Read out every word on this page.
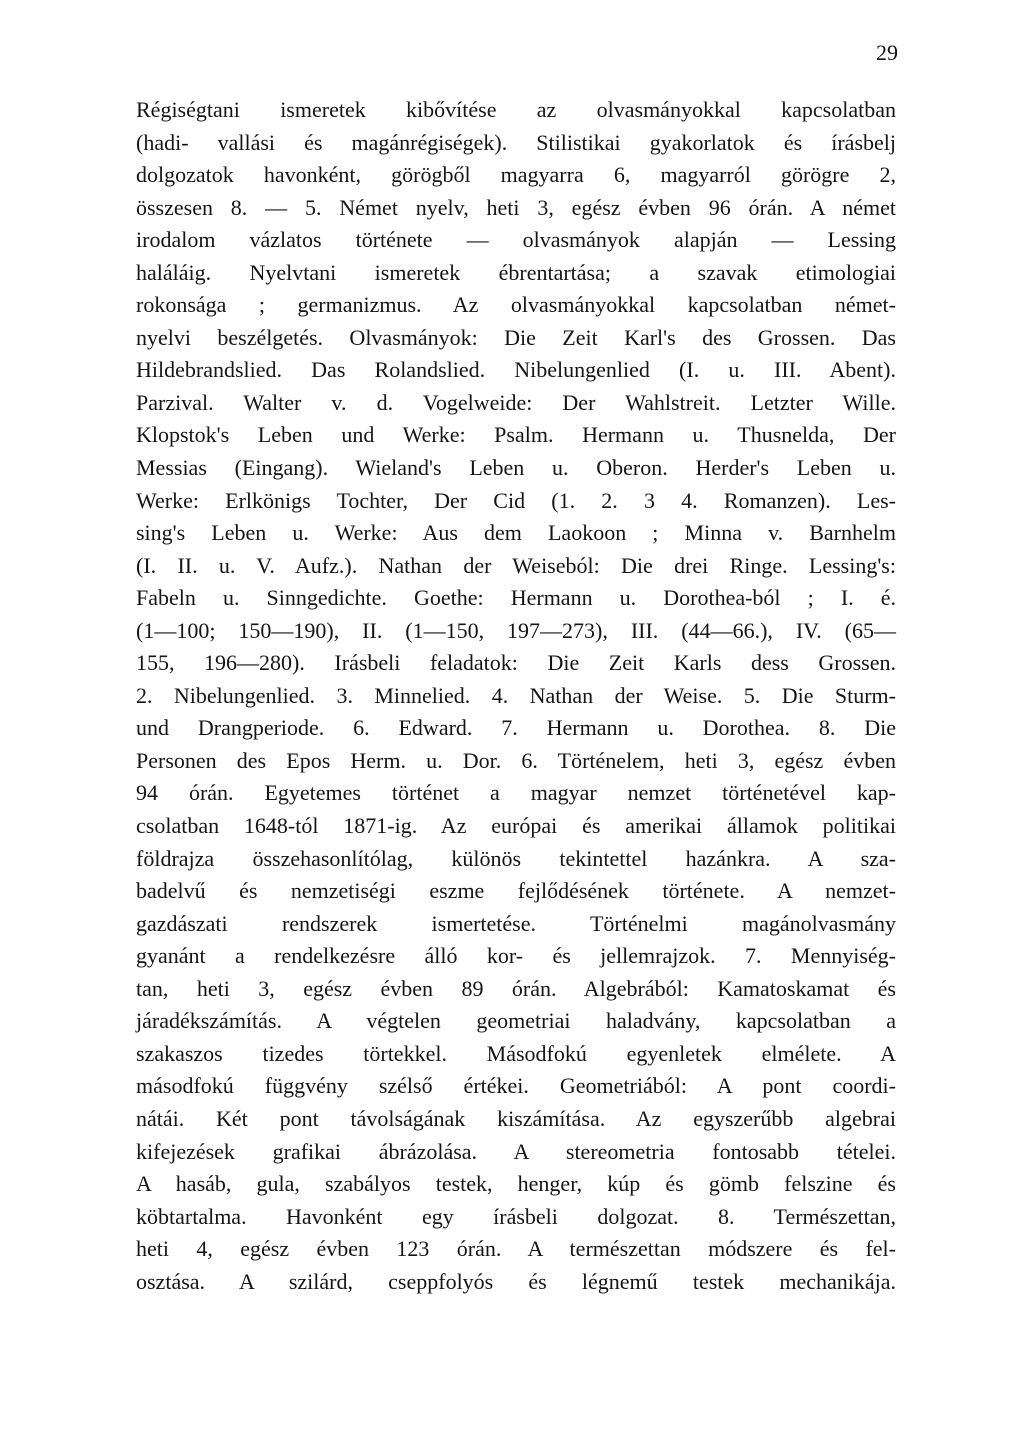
29
Régiségtani ismeretek kibővítése az olvasmányokkal kapcsolatban
(hadi- vallási és magánrégiségek). Stilistikai gyakorlatok és írásbelj
dolgozatok havonként, görögből magyarra 6, magyarról görögre 2,
összesen 8. — 5. Német nyelv, heti 3, egész évben 96 órán. A német
irodalom vázlatos története — olvasmányok alapján — Lessing
haláláig. Nyelvtani ismeretek ébrentartása; a szavak etimologiai
rokonsága ; germanizmus. Az olvasmányokkal kapcsolatban német-
nyelvi beszélgetés. Olvasmányok: Die Zeit Karl's des Grossen. Das
Hildebrandslied. Das Rolandslied. Nibelungenlied (I. u. III. Abent).
Parzival. Walter v. d. Vogelweide: Der Wahlstreit. Letzter Wille.
Klopstok's Leben und Werke: Psalm. Hermann u. Thusnelda, Der
Messias (Eingang). Wieland's Leben u. Oberon. Herder's Leben u.
Werke: Erlkönigs Tochter, Der Cid (1. 2. 3 4. Romanzen). Les-
sing's Leben u. Werke: Aus dem Laokoon ; Minna v. Barnhelm
(I. II. u. V. Aufz.). Nathan der Weiseból: Die drei Ringe. Lessing's:
Fabeln u. Sinngedichte. Goethe: Hermann u. Dorothea-ból ; I. é.
(1—100; 150—190), II. (1—150, 197—273), III. (44—66.), IV. (65—
155, 196—280). Irásbeli feladatok: Die Zeit Karls dess Grossen.
2. Nibelungenlied. 3. Minnelied. 4. Nathan der Weise. 5. Die Sturm-
und Drangperiode. 6. Edward. 7. Hermann u. Dorothea. 8. Die
Personen des Epos Herm. u. Dor. 6. Történelem, heti 3, egész évben
94 órán. Egyetemes történet a magyar nemzet történetével kap-
csolatban 1648-tól 1871-ig. Az európai és amerikai államok politikai
földrajza összehasonlítólag, különös tekintettel hazánkra. A sza-
badelvű és nemzetiségi eszme fejlődésének története. A nemzet-
gazdászati rendszerek ismertetése. Történelmi magánolvasmány
gyanánt a rendelkezésre álló kor- és jellemrajzok. 7. Mennyiség-
tan, heti 3, egész évben 89 órán. Algebrából: Kamatoskamat és
járadékszámítás. A végtelen geometriai haladvány, kapcsolatban a
szakaszos tizedes törtekkel. Másodfokú egyenletek elmélete. A
másodfokú függvény szélső értékei. Geometriából: A pont coordi-
nátái. Két pont távolságának kiszámítása. Az egyszerűbb algebrai
kifejezések grafikai ábrázolása. A stereometria fontosabb tételei.
A hasáb, gula, szabályos testek, henger, kúp és gömb felszine és
köbtartalma. Havonként egy írásbeli dolgozat. 8. Természettan,
heti 4, egész évben 123 órán. A természettan módszere és fel-
osztása. A szilárd, cseppfolyós és légnemű testek mechanikája.
